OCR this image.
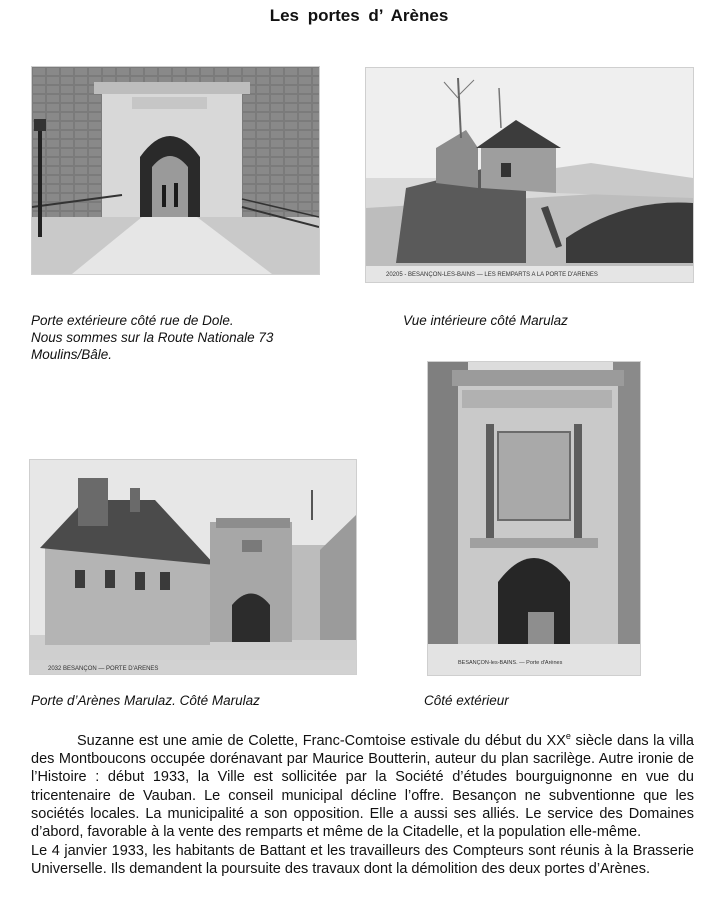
Les portes d’ Arènes
20205 - BESANÇON-LES-BAINS — LES REMPARTS A LA PORTE D'ARENES
Porte extérieure côté rue de Dole.
Nous sommes sur la Route Nationale 73
Moulins/Bâle.
Vue intérieure côté Marulaz
2032 BESANÇON — PORTE D'ARENES
BESANÇON-les-BAINS. — Porte d'Arènes
Porte d’Arènes Marulaz. Côté Marulaz	Côté extérieur

Suzanne est une amie de Colette, Franc-Comtoise estivale du début du XXe siècle dans la villa des Montboucons occupée dorénavant par Maurice Boutterin, auteur du plan sacrilège. Autre ironie de l’Histoire : début 1933, la Ville est sollicitée par la Société d’études bourguignonne en vue du tricentenaire de Vauban. Le conseil municipal décline l’offre. Besançon ne subventionne que les sociétés locales. La municipalité a son opposition. Elle a aussi ses alliés. Le service des Domaines d’abord, favorable à la vente des remparts et même de la Citadelle, et la population elle-même.

Le 4 janvier 1933, les habitants de Battant et les travailleurs des Compteurs sont réunis à la Brasserie Universelle. Ils demandent la poursuite des travaux dont la démolition des deux portes d’Arènes.
